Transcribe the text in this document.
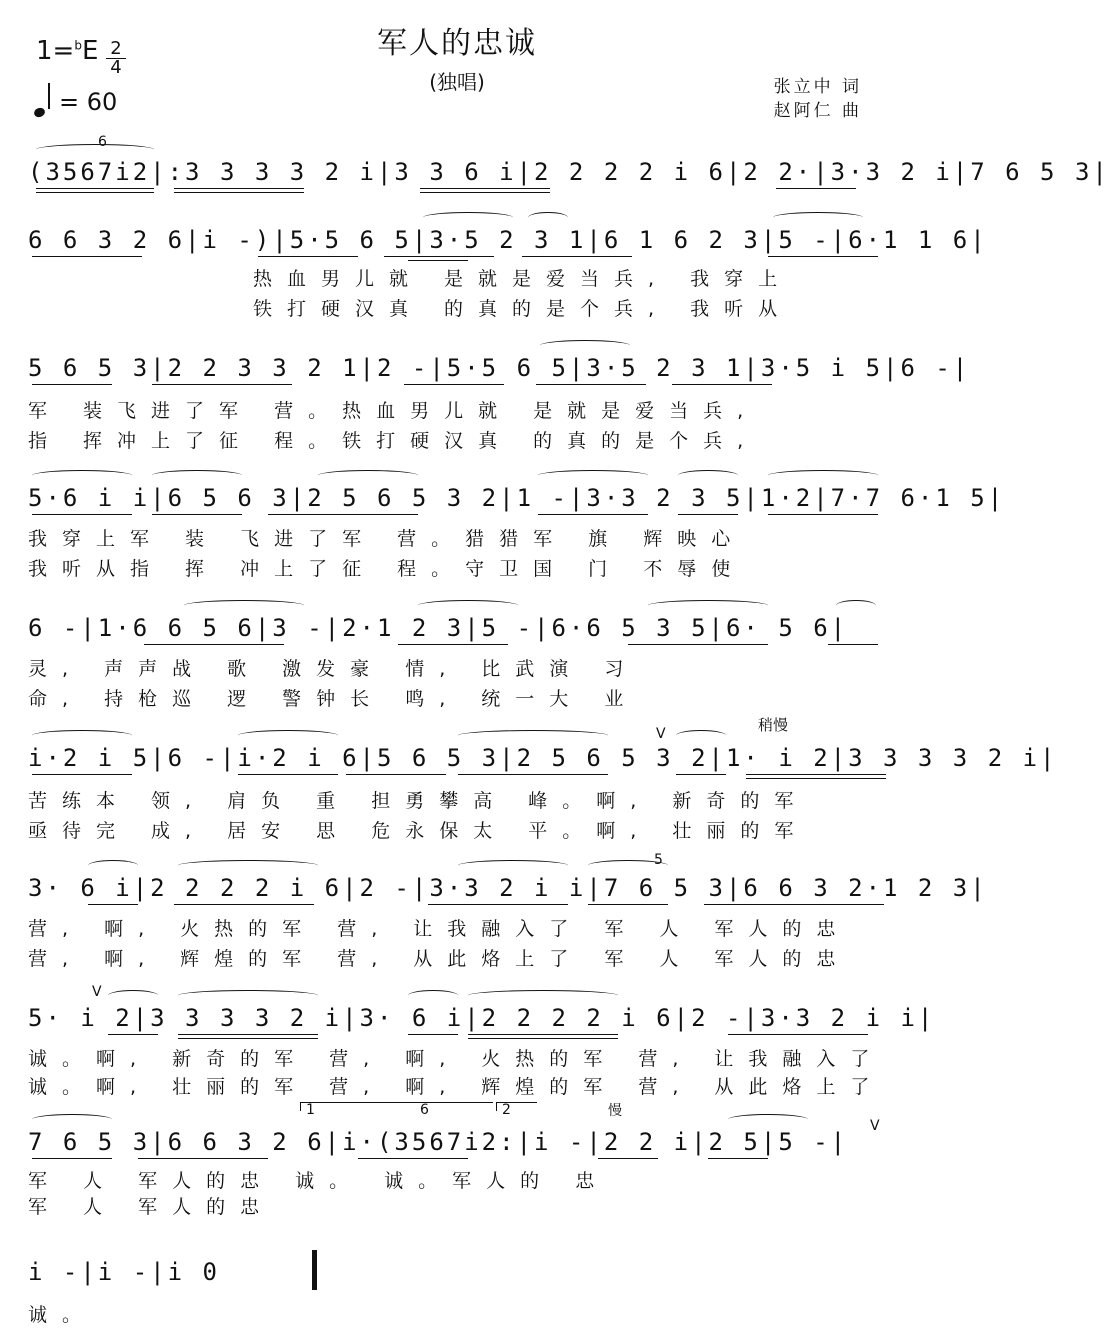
军人的忠诚
(独唱)
1=$^b$E 2
4
= 60
张立中 词
赵阿仁 曲
6
(3567i2|:3 3 3 3 2 i|3 3 6 i|2 2 2 2 i 6|2 2·|3·3 2 i|7 6 5 3|
6 6 3 2 6|i -)|5·5 6 5|3·5 2 3 1|6 1 6 2 3|5 -|6·1 1 6|
热血男儿就 是就是爱当兵, 我穿上
铁打硬汉真 的真的是个兵, 我听从
5 6 5 3|2 2 3 3 2 1|2 -|5·5 6 5|3·5 2 3 1|3·5 i 5|6 -|
军 装飞进了军 营。热血男儿就 是就是爱当兵,
指 挥冲上了征 程。铁打硬汉真 的真的是个兵,
5·6 i i|6 5 6 3|2 5 6 5 3 2|1 -|3·3 2 3 5|1·2|7·7 6·1 5|
我穿上军 装 飞进了军 营。猎猎军 旗 辉映心
我听从指 挥 冲上了征 程。守卫国 门 不辱使
6 -|1·6 6 5 6|3 -|2·1 2 3|5 -|6·6 5 3 5|6· 5 6|
灵, 声声战 歌 激发豪 情, 比武演 习
命, 持枪巡 逻 警钟长 鸣, 统一大 业
V	稍慢
i·2 i 5|6 -|i·2 i 6|5 6 5 3|2 5 6 5 3 2|1· i 2|3 3 3 3 2 i|
苦练本 领, 肩负 重 担勇攀高 峰。啊, 新奇的军
亟待完 成, 居安 思 危永保太 平。啊, 壮丽的军
5
3· 6 i|2 2 2 2 i 6|2 -|3·3 2 i i|7 6 5 3|6 6 3 2·1 2 3|
营, 啊, 火热的军 营, 让我融入了 军 人 军人的忠
营, 啊, 辉煌的军 营, 从此烙上了 军 人 军人的忠
V
5· i 2|3 3 3 3 2 i|3· 6 i|2 2 2 2 i 6|2 -|3·3 2 i i|
诚。啊, 新奇的军 营, 啊, 火热的军 营, 让我融入了
诚。啊, 壮丽的军 营, 啊, 辉煌的军 营, 从此烙上了
1	6	2	慢
V
7 6 5 3|6 6 3 2 6|i·(3567i2:|i -|2 2 i|2 5|5 -|
军 人 军人的忠 诚。 诚。军人的 忠
军 人 军人的忠
i -|i -|i 0
诚。
